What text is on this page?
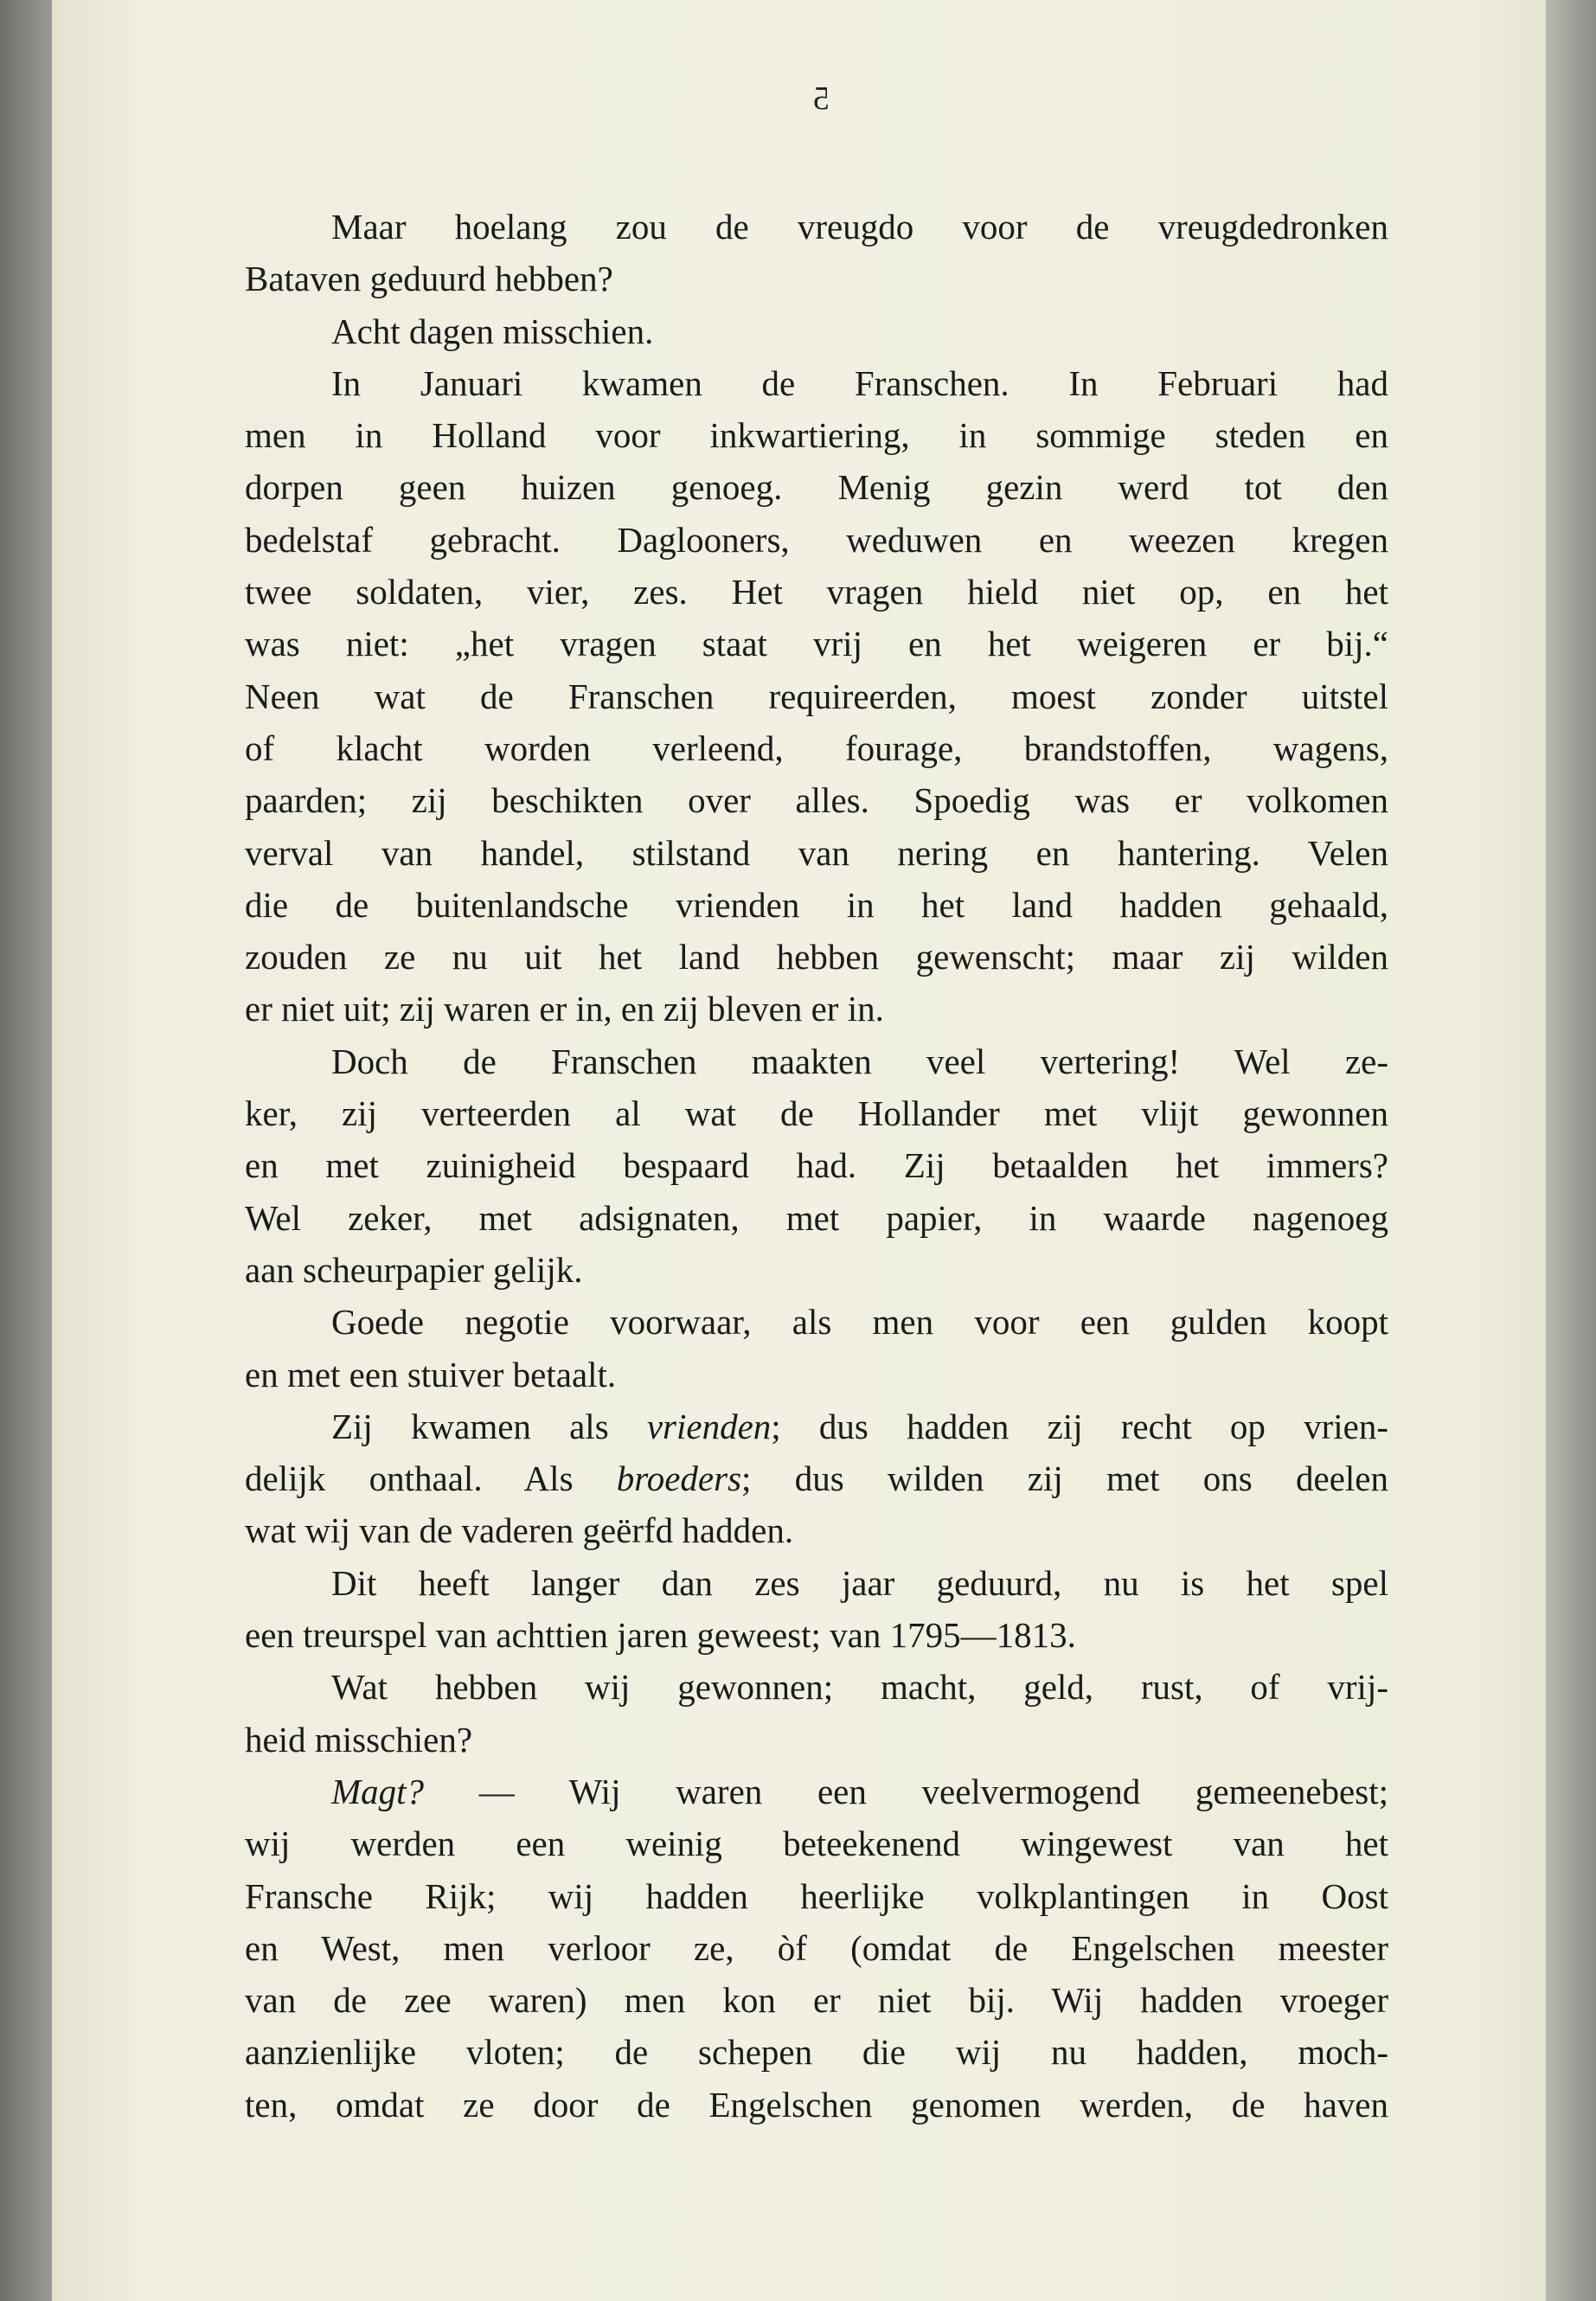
5
Maar hoelang zou de vreugdo voor de vreugdedronken
Bataven geduurd hebben?
Acht dagen misschien.
In Januari kwamen de Franschen. In Februari had
men in Holland voor inkwartiering, in sommige steden en
dorpen geen huizen genoeg. Menig gezin werd tot den
bedelstaf gebracht. Daglooners, weduwen en weezen kregen
twee soldaten, vier, zes. Het vragen hield niet op, en het
was niet: „het vragen staat vrij en het weigeren er bij.“
Neen wat de Franschen requireerden, moest zonder uitstel
of klacht worden verleend, fourage, brandstoffen, wagens,
paarden; zij beschikten over alles. Spoedig was er volkomen
verval van handel, stilstand van nering en hantering. Velen
die de buitenlandsche vrienden in het land hadden gehaald,
zouden ze nu uit het land hebben gewenscht; maar zij wilden
er niet uit; zij waren er in, en zij bleven er in.
Doch de Franschen maakten veel vertering! Wel ze-
ker, zij verteerden al wat de Hollander met vlijt gewonnen
en met zuinigheid bespaard had. Zij betaalden het immers?
Wel zeker, met adsignaten, met papier, in waarde nagenoeg
aan scheurpapier gelijk.
Goede negotie voorwaar, als men voor een gulden koopt
en met een stuiver betaalt.
Zij kwamen als vrienden; dus hadden zij recht op vrien-
delijk onthaal. Als broeders; dus wilden zij met ons deelen
wat wij van de vaderen geërfd hadden.
Dit heeft langer dan zes jaar geduurd, nu is het spel
een treurspel van achttien jaren geweest; van 1795—1813.
Wat hebben wij gewonnen; macht, geld, rust, of vrij-
heid misschien?
Magt? — Wij waren een veelvermogend gemeenebest;
wij werden een weinig beteekenend wingewest van het
Fransche Rijk; wij hadden heerlijke volkplantingen in Oost
en West, men verloor ze, òf (omdat de Engelschen meester
van de zee waren) men kon er niet bij. Wij hadden vroeger
aanzienlijke vloten; de schepen die wij nu hadden, moch-
ten, omdat ze door de Engelschen genomen werden, de haven
